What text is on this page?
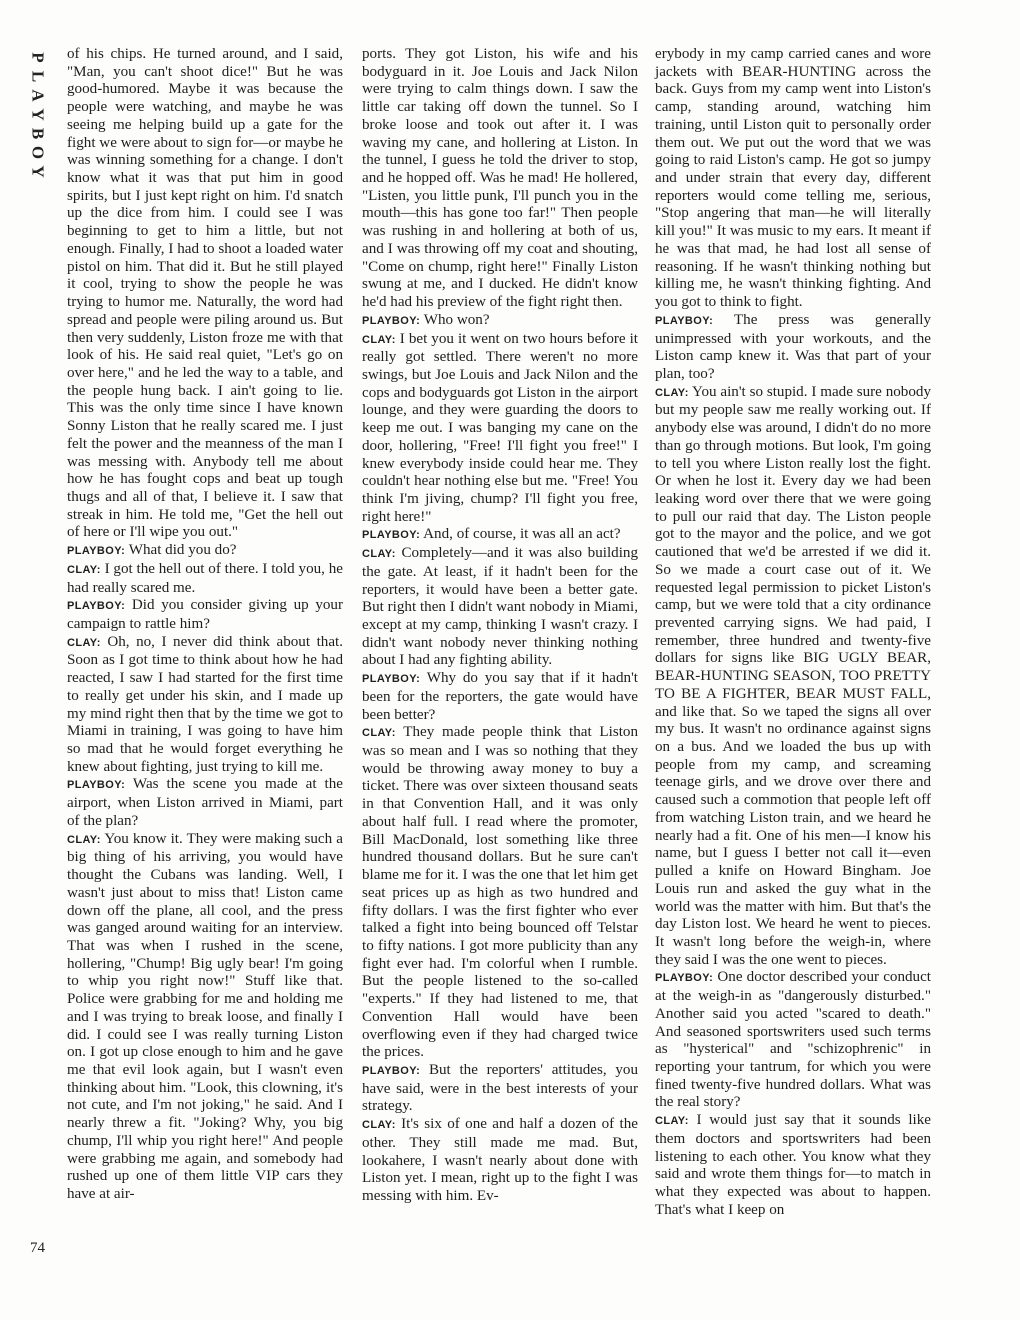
P
L
A
Y
B
O
Y

of his chips. He turned around, and I said, "Man, you can't shoot dice!" But he was good-humored. Maybe it was because the people were watching, and maybe he was seeing me helping build up a gate for the fight we were about to sign for—or maybe he was winning something for a change. I don't know what it was that put him in good spirits, but I just kept right on him. I'd snatch up the dice from him. I could see I was beginning to get to him a little, but not enough. Finally, I had to shoot a loaded water pistol on him. That did it. But he still played it cool, trying to show the people he was trying to humor me. Naturally, the word had spread and people were piling around us. But then very suddenly, Liston froze me with that look of his. He said real quiet, "Let's go on over here," and he led the way to a table, and the people hung back. I ain't going to lie. This was the only time since I have known Sonny Liston that he really scared me. I just felt the power and the meanness of the man I was messing with. Anybody tell me about how he has fought cops and beat up tough thugs and all of that, I believe it. I saw that streak in him. He told me, "Get the hell out of here or I'll wipe you out."

PLAYBOY: What did you do?

CLAY: I got the hell out of there. I told you, he had really scared me.

PLAYBOY: Did you consider giving up your campaign to rattle him?

CLAY: Oh, no, I never did think about that. Soon as I got time to think about how he had reacted, I saw I had started for the first time to really get under his skin, and I made up my mind right then that by the time we got to Miami in training, I was going to have him so mad that he would forget everything he knew about fighting, just trying to kill me.

PLAYBOY: Was the scene you made at the airport, when Liston arrived in Miami, part of the plan?

CLAY: You know it. They were making such a big thing of his arriving, you would have thought the Cubans was landing. Well, I wasn't just about to miss that! Liston came down off the plane, all cool, and the press was ganged around waiting for an interview. That was when I rushed in the scene, hollering, "Chump! Big ugly bear! I'm going to whip you right now!" Stuff like that. Police were grabbing for me and holding me and I was trying to break loose, and finally I did. I could see I was really turning Liston on. I got up close enough to him and he gave me that evil look again, but I wasn't even thinking about him. "Look, this clowning, it's not cute, and I'm not joking," he said. And I nearly threw a fit. "Joking? Why, you big chump, I'll whip you right here!" And people were grabbing me again, and somebody had rushed up one of them little VIP cars they have at air-

ports. They got Liston, his wife and his bodyguard in it. Joe Louis and Jack Nilon were trying to calm things down. I saw the little car taking off down the tunnel. So I broke loose and took out after it. I was waving my cane, and hollering at Liston. In the tunnel, I guess he told the driver to stop, and he hopped off. Was he mad! He hollered, "Listen, you little punk, I'll punch you in the mouth—this has gone too far!" Then people was rushing in and hollering at both of us, and I was throwing off my coat and shouting, "Come on chump, right here!" Finally Liston swung at me, and I ducked. He didn't know he'd had his preview of the fight right then.

PLAYBOY: Who won?

CLAY: I bet you it went on two hours before it really got settled. There weren't no more swings, but Joe Louis and Jack Nilon and the cops and bodyguards got Liston in the airport lounge, and they were guarding the doors to keep me out. I was banging my cane on the door, hollering, "Free! I'll fight you free!" I knew everybody inside could hear me. They couldn't hear nothing else but me. "Free! You think I'm jiving, chump? I'll fight you free, right here!"

PLAYBOY: And, of course, it was all an act?

CLAY: Completely—and it was also building the gate. At least, if it hadn't been for the reporters, it would have been a better gate. But right then I didn't want nobody in Miami, except at my camp, thinking I wasn't crazy. I didn't want nobody never thinking nothing about I had any fighting ability.

PLAYBOY: Why do you say that if it hadn't been for the reporters, the gate would have been better?

CLAY: They made people think that Liston was so mean and I was so nothing that they would be throwing away money to buy a ticket. There was over sixteen thousand seats in that Convention Hall, and it was only about half full. I read where the promoter, Bill MacDonald, lost something like three hundred thousand dollars. But he sure can't blame me for it. I was the one that let him get seat prices up as high as two hundred and fifty dollars. I was the first fighter who ever talked a fight into being bounced off Telstar to fifty nations. I got more publicity than any fight ever had. I'm colorful when I rumble. But the people listened to the so-called "experts." If they had listened to me, that Convention Hall would have been overflowing even if they had charged twice the prices.

PLAYBOY: But the reporters' attitudes, you have said, were in the best interests of your strategy.

CLAY: It's six of one and half a dozen of the other. They still made me mad. But, lookahere, I wasn't nearly about done with Liston yet. I mean, right up to the fight I was messing with him. Ev-

erybody in my camp carried canes and wore jackets with BEAR-HUNTING across the back. Guys from my camp went into Liston's camp, standing around, watching him training, until Liston quit to personally order them out. We put out the word that we was going to raid Liston's camp. He got so jumpy and under strain that every day, different reporters would come telling me, serious, "Stop angering that man—he will literally kill you!" It was music to my ears. It meant if he was that mad, he had lost all sense of reasoning. If he wasn't thinking nothing but killing me, he wasn't thinking fighting. And you got to think to fight.

PLAYBOY: The press was generally unimpressed with your workouts, and the Liston camp knew it. Was that part of your plan, too?

CLAY: You ain't so stupid. I made sure nobody but my people saw me really working out. If anybody else was around, I didn't do no more than go through motions. But look, I'm going to tell you where Liston really lost the fight. Or when he lost it. Every day we had been leaking word over there that we were going to pull our raid that day. The Liston people got to the mayor and the police, and we got cautioned that we'd be arrested if we did it. So we made a court case out of it. We requested legal permission to picket Liston's camp, but we were told that a city ordinance prevented carrying signs. We had paid, I remember, three hundred and twenty-five dollars for signs like BIG UGLY BEAR, BEAR-HUNTING SEASON, TOO PRETTY TO BE A FIGHTER, BEAR MUST FALL, and like that. So we taped the signs all over my bus. It wasn't no ordinance against signs on a bus. And we loaded the bus up with people from my camp, and screaming teenage girls, and we drove over there and caused such a commotion that people left off from watching Liston train, and we heard he nearly had a fit. One of his men—I know his name, but I guess I better not call it—even pulled a knife on Howard Bingham. Joe Louis run and asked the guy what in the world was the matter with him. But that's the day Liston lost. We heard he went to pieces. It wasn't long before the weigh-in, where they said I was the one went to pieces.

PLAYBOY: One doctor described your conduct at the weigh-in as "dangerously disturbed." Another said you acted "scared to death." And seasoned sportswriters used such terms as "hysterical" and "schizophrenic" in reporting your tantrum, for which you were fined twenty-five hundred dollars. What was the real story?

CLAY: I would just say that it sounds like them doctors and sportswriters had been listening to each other. You know what they said and wrote them things for—to match in what they expected was about to happen. That's what I keep on

74
